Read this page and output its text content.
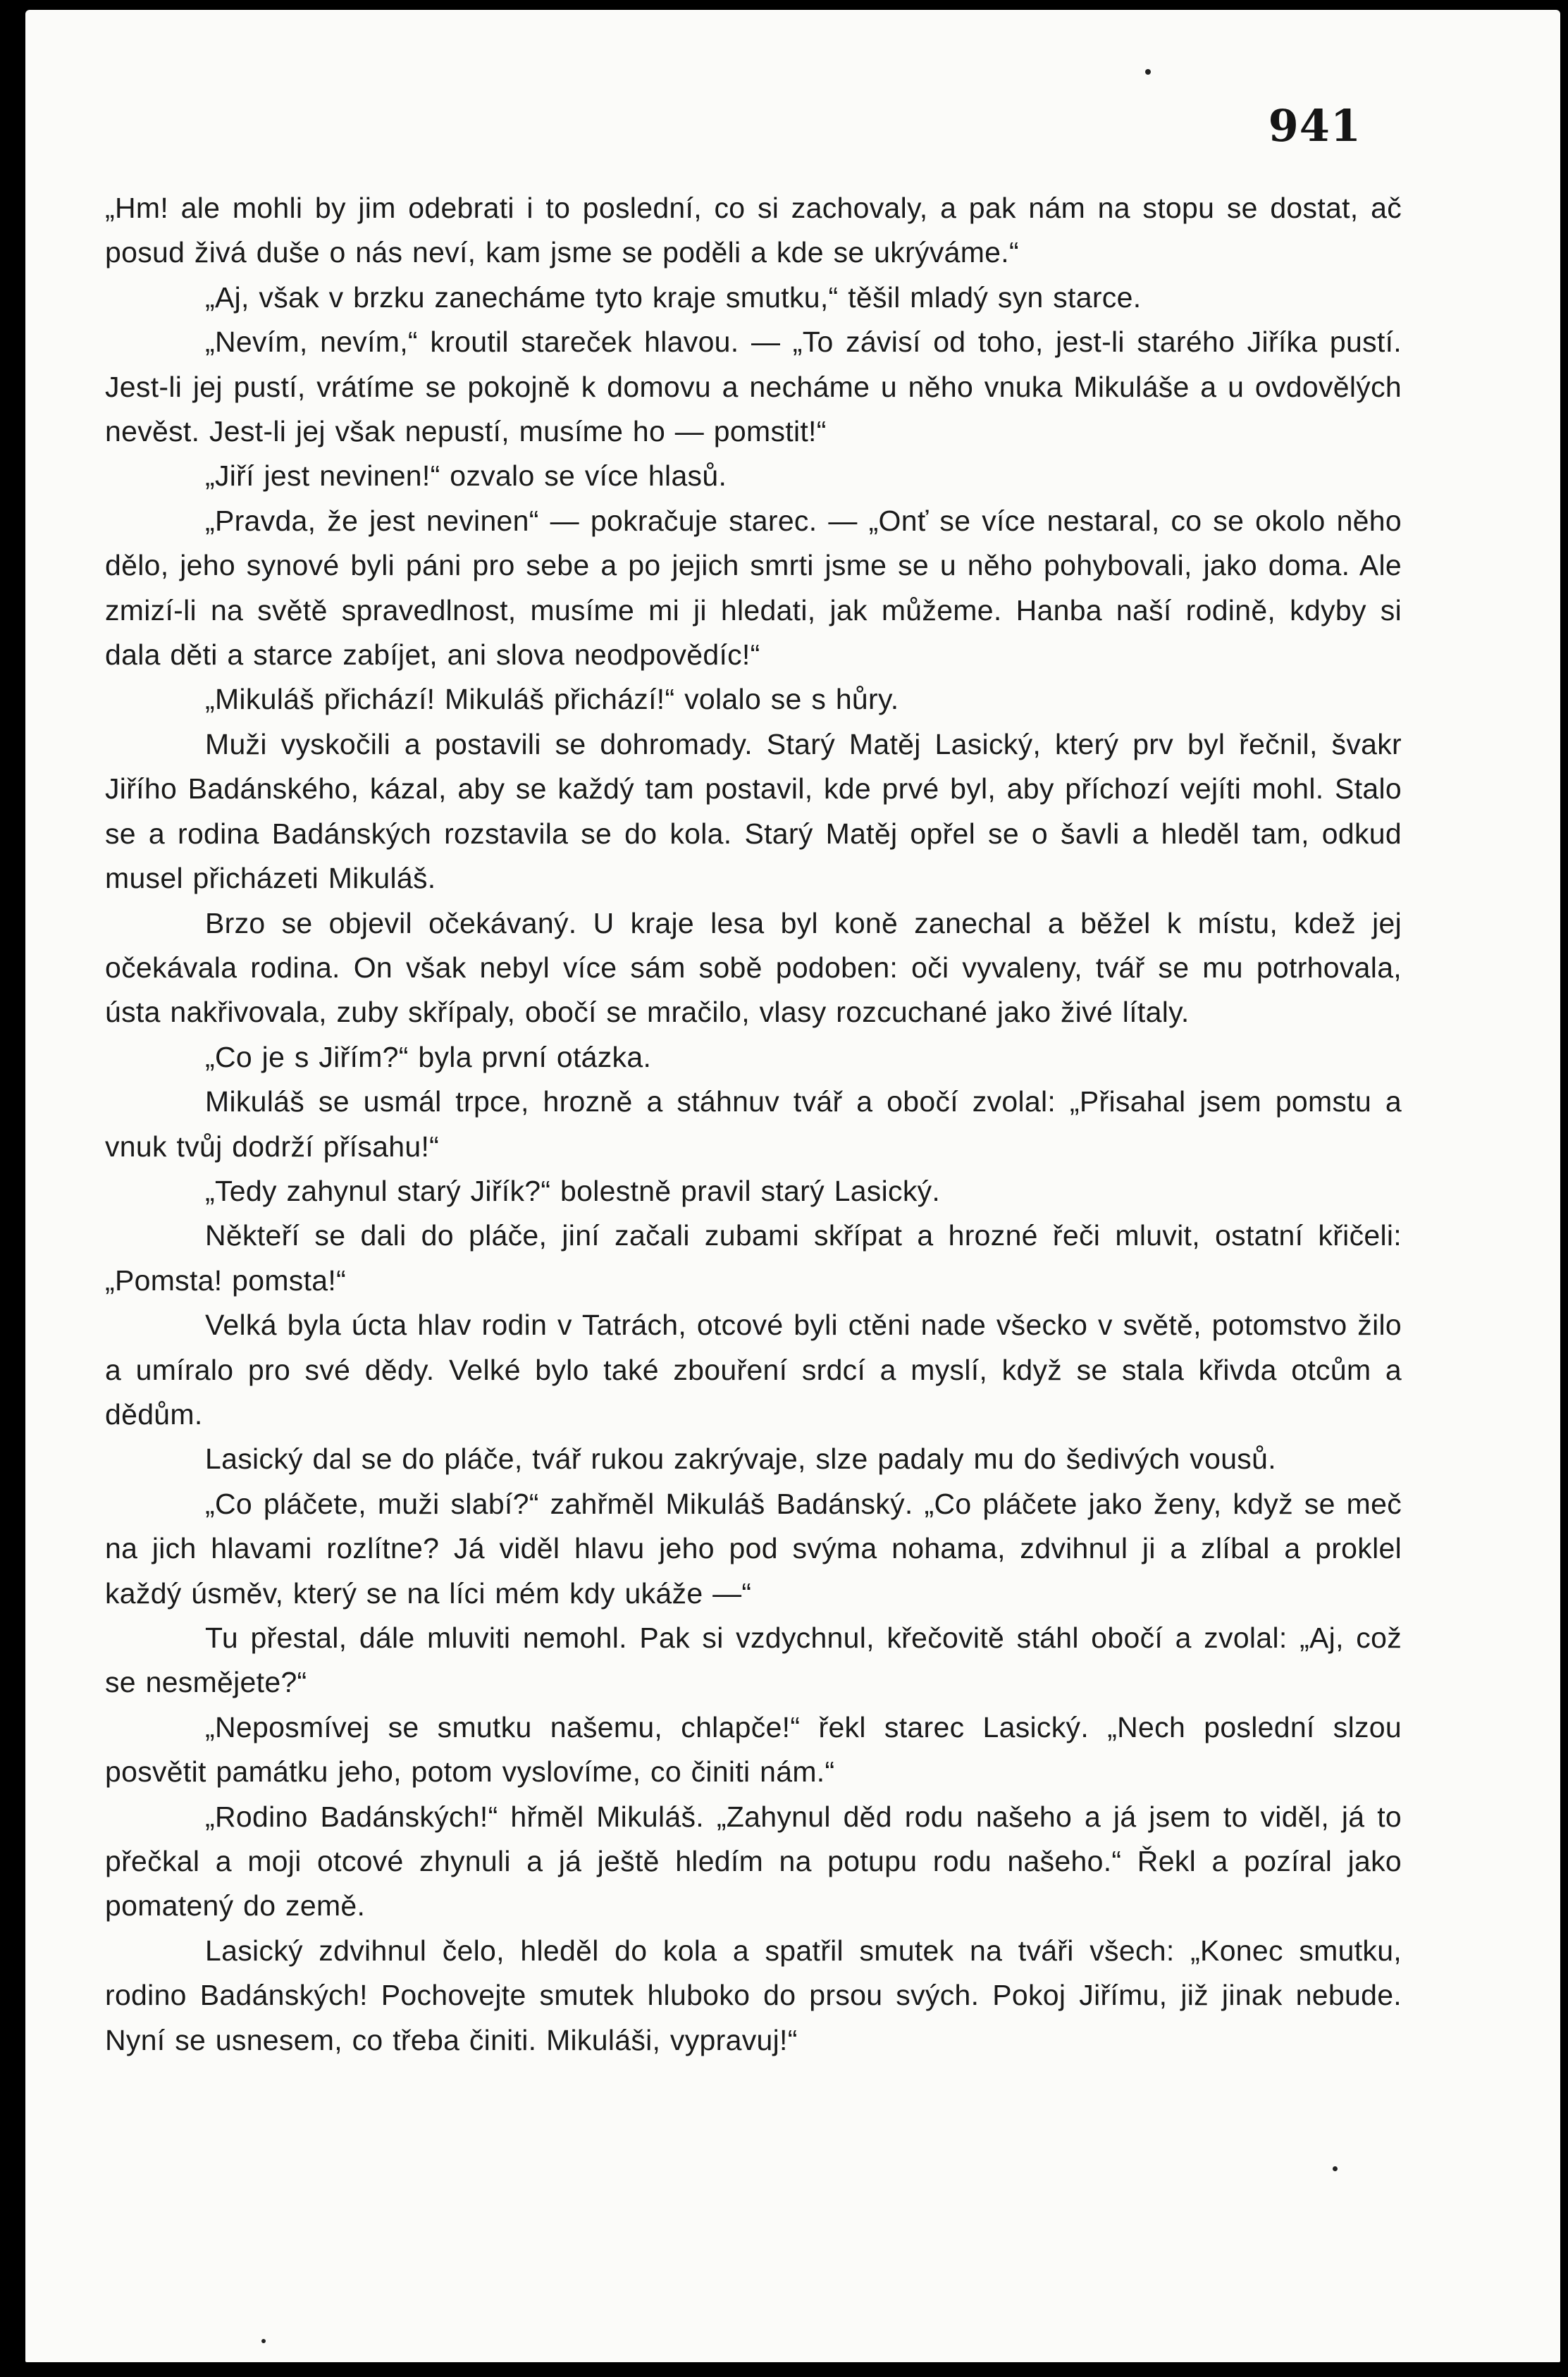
941

„Hm! ale mohli by jim odebrati i to poslední, co si zachovaly, a pak nám na stopu se dostat, ač posud živá duše o nás neví, kam jsme se poděli a kde se ukrýváme.“

„Aj, však v brzku zanecháme tyto kraje smutku,“ těšil mladý syn starce.

„Nevím, nevím,“ kroutil stareček hlavou. — „To závisí od toho, jest-li starého Jiříka pustí. Jest-li jej pustí, vrátíme se pokojně k domovu a necháme u něho vnuka Mikuláše a u ovdovělých nevěst. Jest-li jej však nepustí, musíme ho — pomstit!“

„Jiří jest nevinen!“ ozvalo se více hlasů.

„Pravda, že jest nevinen“ — pokračuje starec. — „Onť se více nestaral, co se okolo něho dělo, jeho synové byli páni pro sebe a po jejich smrti jsme se u něho pohybovali, jako doma. Ale zmizí-li na světě spravedlnost, musíme mi ji hledati, jak můžeme. Hanba naší rodině, kdyby si dala děti a starce zabíjet, ani slova neodpovědíc!“

„Mikuláš přichází! Mikuláš přichází!“ volalo se s hůry.

Muži vyskočili a postavili se dohromady. Starý Matěj Lasický, který prv byl řečnil, švakr Jiřího Badánského, kázal, aby se každý tam postavil, kde prvé byl, aby příchozí vejíti mohl. Stalo se a rodina Badánských rozstavila se do kola. Starý Matěj opřel se o šavli a hleděl tam, odkud musel přicházeti Mikuláš.

Brzo se objevil očekávaný. U kraje lesa byl koně zanechal a běžel k místu, kdež jej očekávala rodina. On však nebyl více sám sobě podoben: oči vyvaleny, tvář se mu potrhovala, ústa nakřivovala, zuby skřípaly, obočí se mračilo, vlasy rozcuchané jako živé lítaly.

„Co je s Jiřím?“ byla první otázka.

Mikuláš se usmál trpce, hrozně a stáhnuv tvář a obočí zvolal: „Přisahal jsem pomstu a vnuk tvůj dodrží přísahu!“

„Tedy zahynul starý Jiřík?“ bolestně pravil starý Lasický.

Někteří se dali do pláče, jiní začali zubami skřípat a hrozné řeči mluvit, ostatní křičeli: „Pomsta! pomsta!“

Velká byla úcta hlav rodin v Tatrách, otcové byli ctěni nade všecko v světě, potomstvo žilo a umíralo pro své dědy. Velké bylo také zbouření srdcí a myslí, když se stala křivda otcům a dědům.

Lasický dal se do pláče, tvář rukou zakrývaje, slze padaly mu do šedivých vousů.

„Co pláčete, muži slabí?“ zahřměl Mikuláš Badánský. „Co pláčete jako ženy, když se meč na jich hlavami rozlítne? Já viděl hlavu jeho pod svýma nohama, zdvihnul ji a zlíbal a proklel každý úsměv, který se na líci mém kdy ukáže —“

Tu přestal, dále mluviti nemohl. Pak si vzdychnul, křečovitě stáhl obočí a zvolal: „Aj, což se nesmějete?“

„Neposmívej se smutku našemu, chlapče!“ řekl starec Lasický. „Nech poslední slzou posvětit památku jeho, potom vyslovíme, co činiti nám.“

„Rodino Badánských!“ hřměl Mikuláš. „Zahynul děd rodu našeho a já jsem to viděl, já to přečkal a moji otcové zhynuli a já ještě hledím na potupu rodu našeho.“ Řekl a pozíral jako pomatený do země.

Lasický zdvihnul čelo, hleděl do kola a spatřil smutek na tváři všech: „Konec smutku, rodino Badánských! Pochovejte smutek hluboko do prsou svých. Pokoj Jiřímu, již jinak nebude. Nyní se usnesem, co třeba činiti. Mikuláši, vypravuj!“
